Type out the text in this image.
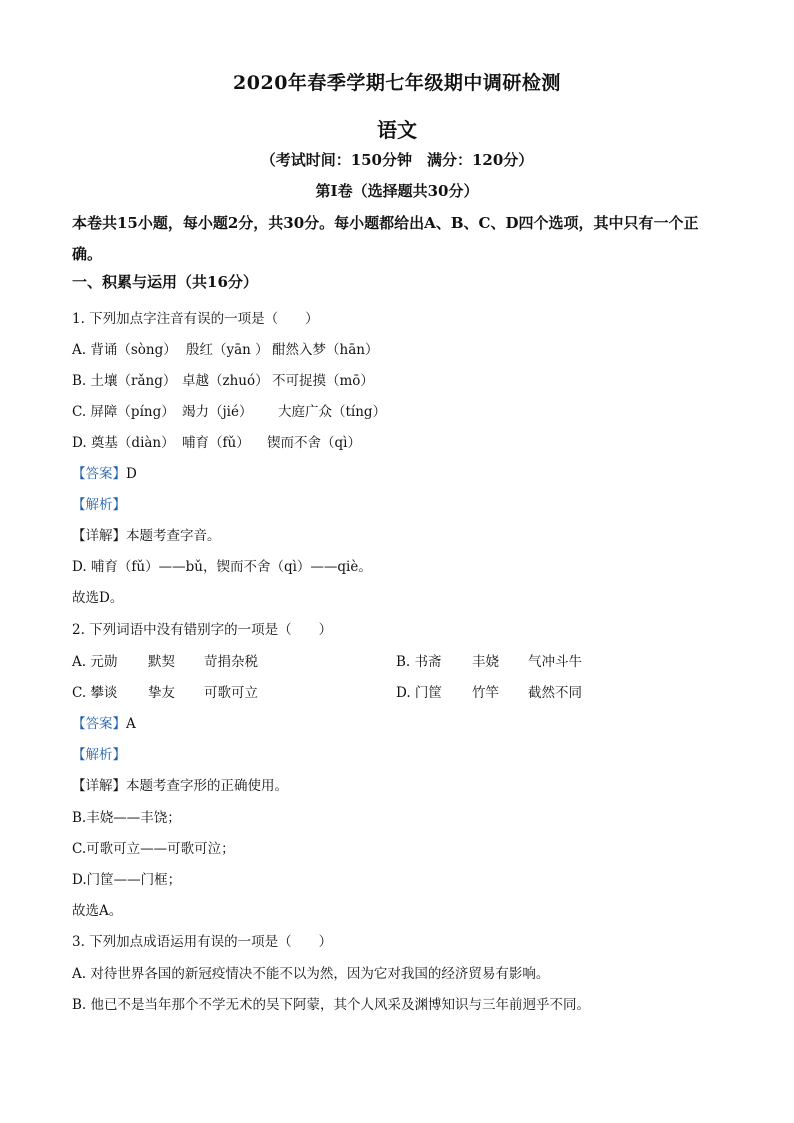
2020年春季学期七年级期中调研检测
语文
（考试时间：150分钟　满分：120分）
第Ⅰ卷（选择题共30分）
本卷共15小题，每小题2分，共30分。每小题都给出A、B、C、D四个选项，其中只有一个正确。
一、积累与运用（共16分）
1. 下列加点字注音有误的一项是（　　）
A. 背诵（sòng） 殷红（yān ） 酣然入梦（hān）
B. 土壤（rǎng） 卓越（zhuó） 不可捉摸（mō）
C. 屏障（píng） 竭力（jié） 大庭广众（tíng）
D. 奠基（diàn） 哺育（fǔ） 锲而不舍（qì）
【答案】D
【解析】
【详解】本题考查字音。
D. 哺育（fǔ）——bǔ，锲而不舍（qì）——qiè。
故选D。
2. 下列词语中没有错别字的一项是（　　）
A. 元勋 默契 苛捐杂税	B. 书斋 丰娆 气冲斗牛
C. 攀谈 挚友 可歌可立	D. 门筐 竹竿 截然不同
【答案】A
【解析】
【详解】本题考查字形的正确使用。
B.丰娆——丰饶；
C.可歌可立——可歌可泣；
D.门筐——门框；
故选A。
3. 下列加点成语运用有误的一项是（　　）
A. 对待世界各国的新冠疫情决不能不以为然，因为它对我国的经济贸易有影响。
B. 他已不是当年那个不学无术的吴下阿蒙，其个人风采及渊博知识与三年前迥乎不同。
